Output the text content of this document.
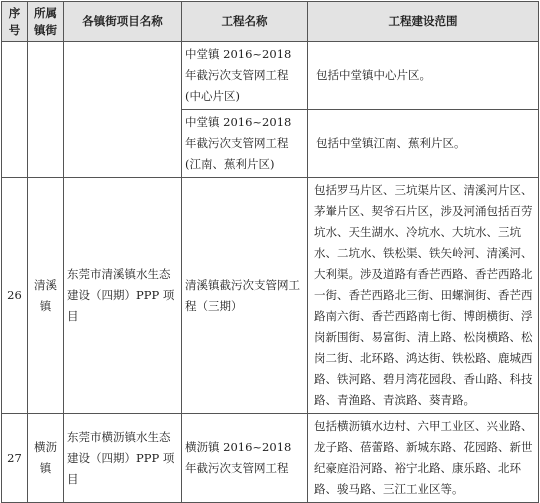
序号	所属镇街	各镇街项目名称	工程名称	工程建设范围
			中堂镇 2016~2018 年截污次支管网工程(中心片区)	包括中堂镇中心片区。
			中堂镇 2016~2018 年截污次支管网工程(江南、蕉利片区)	包括中堂镇江南、蕉利片区。
26	清溪镇	东莞市清溪镇水生态建设（四期）PPP 项目	清溪镇截污次支管网工程（三期）	包括罗马片区、三坑渠片区、清溪河片区、茅輋片区、契爷石片区，涉及河涌包括百劳坑水、天生湖水、冷坑水、大坑水、三坑水、二坑水、铁松渠、铁矢岭河、清溪河、大利渠。涉及道路有香芒西路、香芒西路北一街、香芒西路北三街、田螺涧街、香芒西路南六街、香芒西路南七街、博朗横街、浮岗新围街、易富街、清上路、松岗横路、松岗二街、北环路、鸿达街、铁松路、鹿城西路、铁河路、碧月湾花园段、香山路、科技路、青渔路、青滨路、葵青路。
27	横沥镇	东莞市横沥镇水生态建设（四期）PPP 项目	横沥镇 2016~2018 年截污次支管网工程	包括横沥镇水边村、六甲工业区、兴业路、龙子路、蓓蕾路、新城东路、花园路、新世纪豪庭沿河路、裕宁北路、康乐路、北环路、骏马路、三江工业区等。
